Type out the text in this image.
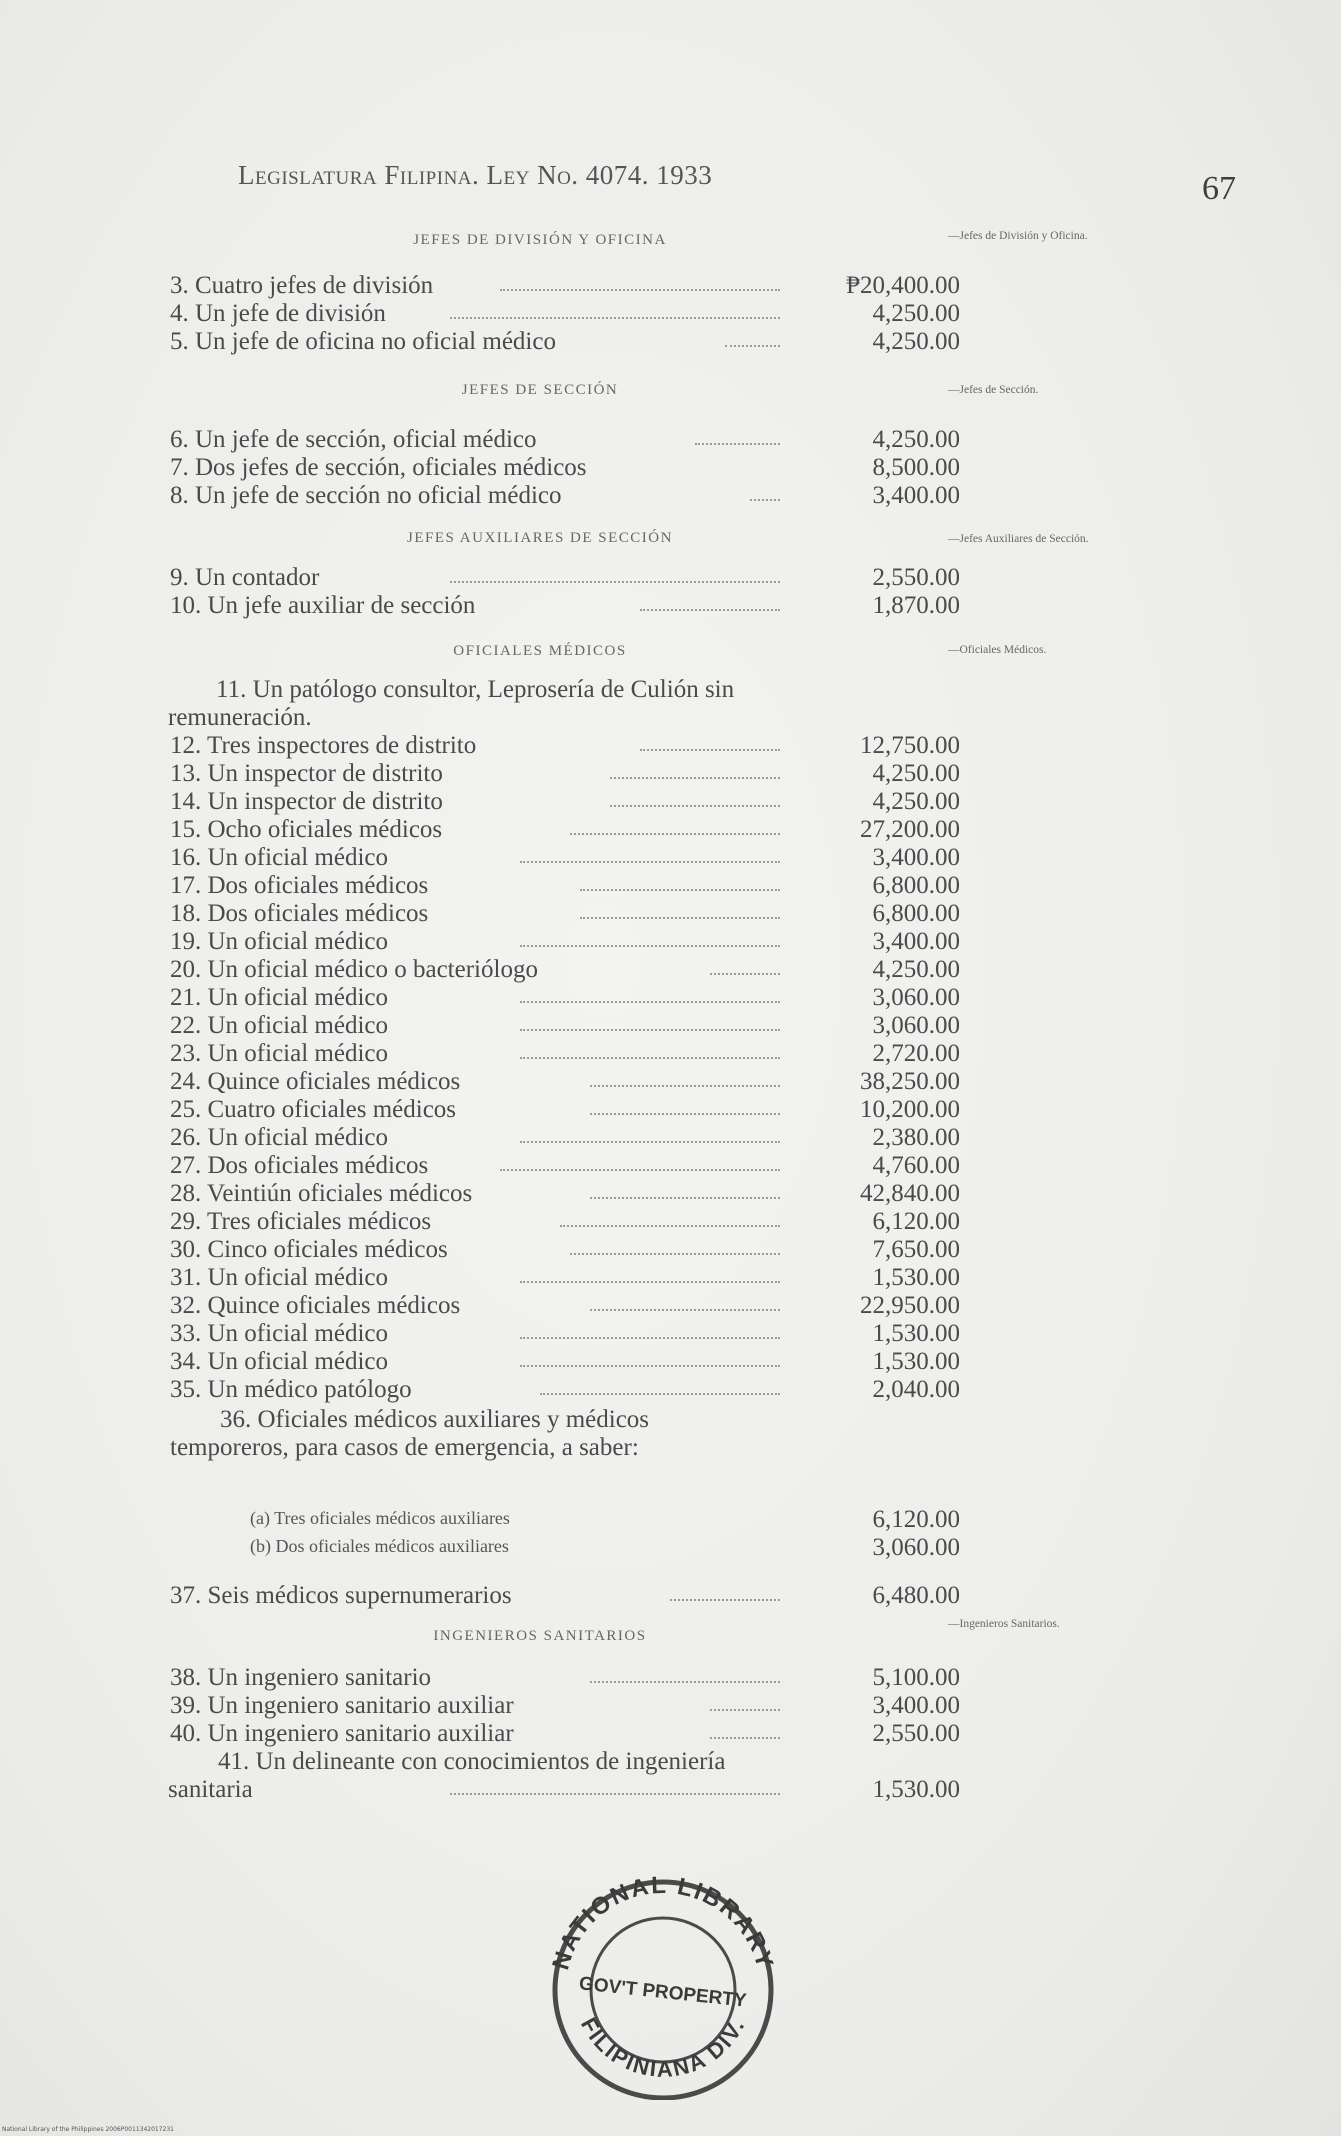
Legislatura Filipina. Ley No. 4074. 1933	67
JEFES DE DIVISIÓN Y OFICINA	—Jefes de División y Oficina.
JEFES DE SECCIÓN	—Jefes de Sección.
JEFES AUXILIARES DE SECCIÓN	—Jefes Auxiliares de Sección.
OFICIALES MÉDICOS	—Oficiales Médicos.
INGENIEROS SANITARIOS
—Ingenieros Sanitarios.
3. Cuatro jefes de división	₱20,400.00
4. Un jefe de división	4,250.00
5. Un jefe de oficina no oficial médico	4,250.00
6. Un jefe de sección, oficial médico	4,250.00
7. Dos jefes de sección, oficiales médicos	8,500.00
8. Un jefe de sección no oficial médico	3,400.00
9. Un contador	2,550.00
10. Un jefe auxiliar de sección	1,870.00
11. Un patólogo consultor, Leprosería de Culión sin remuneración.
12. Tres inspectores de distrito	12,750.00
13. Un inspector de distrito	4,250.00
14. Un inspector de distrito	4,250.00
15. Ocho oficiales médicos	27,200.00
16. Un oficial médico	3,400.00
17. Dos oficiales médicos	6,800.00
18. Dos oficiales médicos	6,800.00
19. Un oficial médico	3,400.00
20. Un oficial médico o bacteriólogo	4,250.00
21. Un oficial médico	3,060.00
22. Un oficial médico	3,060.00
23. Un oficial médico	2,720.00
24. Quince oficiales médicos	38,250.00
25. Cuatro oficiales médicos	10,200.00
26. Un oficial médico	2,380.00
27. Dos oficiales médicos	4,760.00
28. Veintiún oficiales médicos	42,840.00
29. Tres oficiales médicos	6,120.00
30. Cinco oficiales médicos	7,650.00
31. Un oficial médico	1,530.00
32. Quince oficiales médicos	22,950.00
33. Un oficial médico	1,530.00
34. Un oficial médico	1,530.00
35. Un médico patólogo	2,040.00
36. Oficiales médicos auxiliares y médicos temporeros, para casos de emergencia, a saber:
(a) Tres oficiales médicos auxiliares	6,120.00
(b) Dos oficiales médicos auxiliares	3,060.00
37. Seis médicos supernumerarios	6,480.00
38. Un ingeniero sanitario	5,100.00
39. Un ingeniero sanitario auxiliar	3,400.00
40. Un ingeniero sanitario auxiliar	2,550.00
41. Un delineante con conocimientos de ingeniería sanitaria	1,530.00
NATIONAL LIBRARY
GOV'T PROPERTY
FILIPINIANA DIV.
National Library of the Philippines 2006P0011342017231
